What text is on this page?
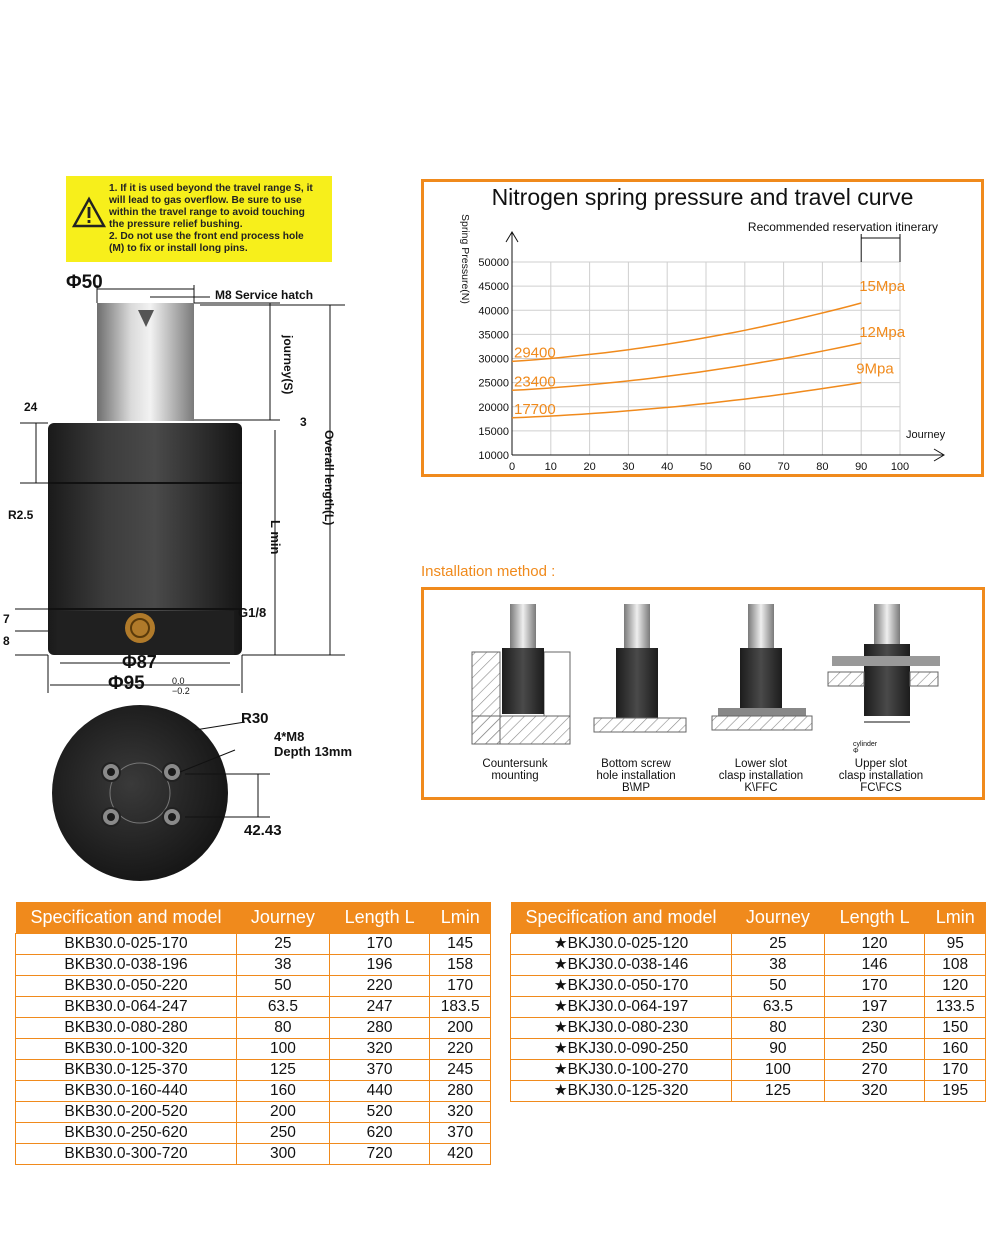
1. If it is used beyond the travel range S, it
will lead to gas overflow. Be sure to use
within the travel range to avoid touching
the pressure relief bushing.
2. Do not use the front end process hole
(M) to fix or install long pins.
Φ50
M8 Service hatch
journey(S)
24
3
Overall length(L)
R2.5
L min
7
8
G1/8
Φ87
Φ95	0.0
−0.2
R30
4*M8
Depth 13mm
42.43
Nitrogen spring pressure and travel curve
0	10 20 30 40 50 60 70 80 90 100
10000
15000
20000
25000
30000
35000
40000
45000
50000
Journey
Spring Pressure(N)	Recommended reservation itinerary
29400
15Mpa
23400
12Mpa
17700
9Mpa
Installation method :
cylinder Φ
Countersunk
mounting
Bottom screw
hole installation
B\MP
Lower slot
clasp installation
K\FFC
Upper slot
clasp installation
FC\FCS
Specification and model	Journey	Length L	Lmin
BKB30.0-025-170	25	170	145
BKB30.0-038-196	38	196	158
BKB30.0-050-220	50	220	170
BKB30.0-064-247	63.5	247	183.5
BKB30.0-080-280	80	280	200
BKB30.0-100-320	100	320	220
BKB30.0-125-370	125	370	245
BKB30.0-160-440	160	440	280
BKB30.0-200-520	200	520	320
BKB30.0-250-620	250	620	370
BKB30.0-300-720	300	720	420
Specification and model	Journey	Length L	Lmin
★BKJ30.0-025-120	25	120	95
★BKJ30.0-038-146	38	146	108
★BKJ30.0-050-170	50	170	120
★BKJ30.0-064-197	63.5	197	133.5
★BKJ30.0-080-230	80	230	150
★BKJ30.0-090-250	90	250	160
★BKJ30.0-100-270	100	270	170
★BKJ30.0-125-320	125	320	195
